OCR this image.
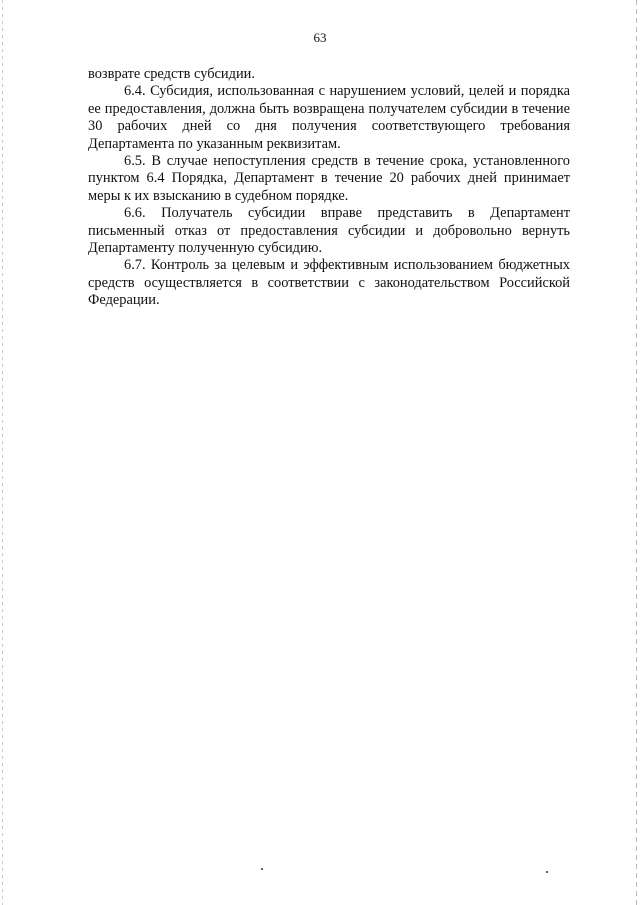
63

возврате средств субсидии.

6.4. Субсидия, использованная с нарушением условий, целей и порядка ее предоставления, должна быть возвращена получателем субсидии в течение 30 рабочих дней со дня получения соответствующего требования Департамента по указанным реквизитам.

6.5. В случае непоступления средств в течение срока, установленного пунктом 6.4 Порядка, Департамент в течение 20 рабочих дней принимает меры к их взысканию в судебном порядке.

6.6. Получатель субсидии вправе представить в Департамент письменный отказ от предоставления субсидии и добровольно вернуть Департаменту полученную субсидию.

6.7. Контроль за целевым и эффективным использованием бюджетных средств осуществляется в соответствии с законодательством Российской Федерации.
